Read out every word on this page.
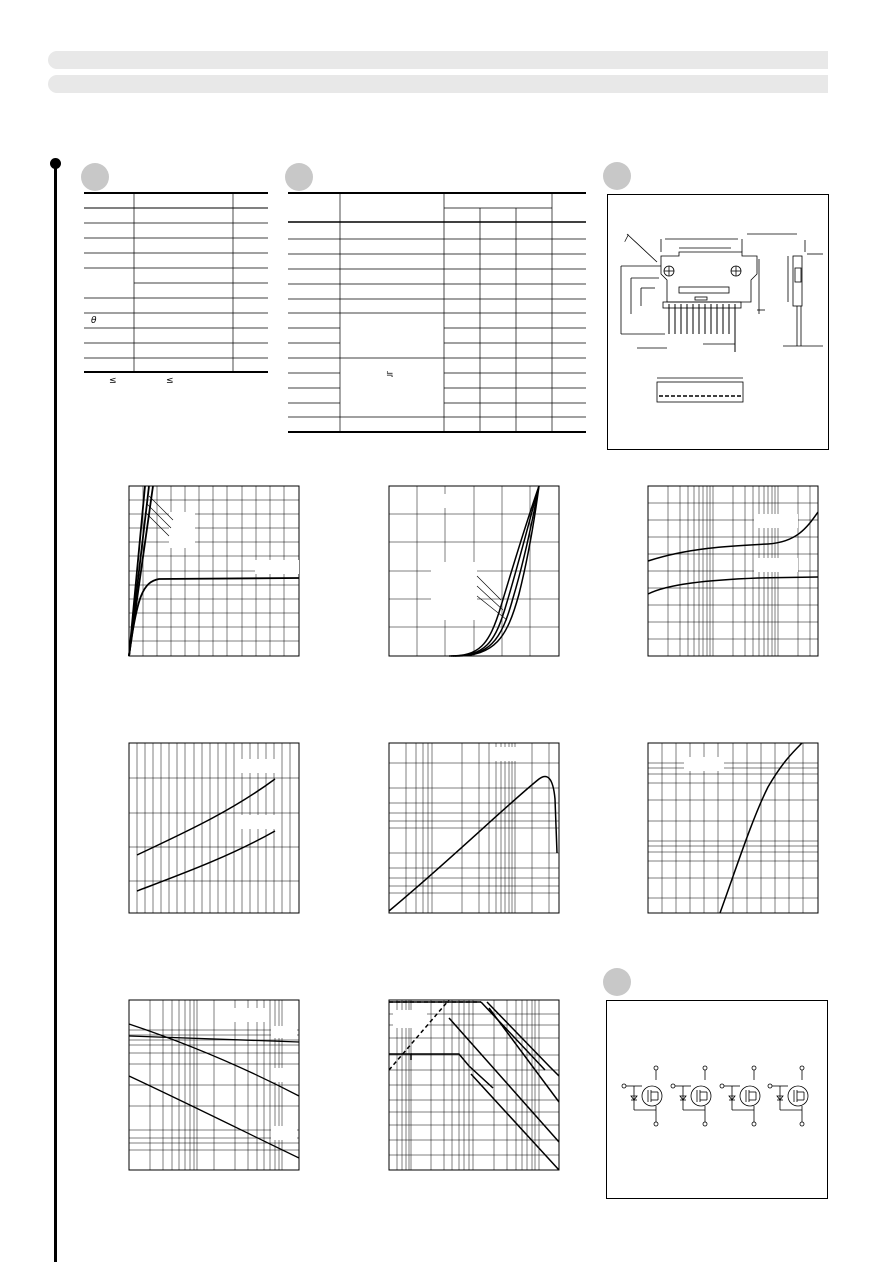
θ
≤	≤
≒
/
